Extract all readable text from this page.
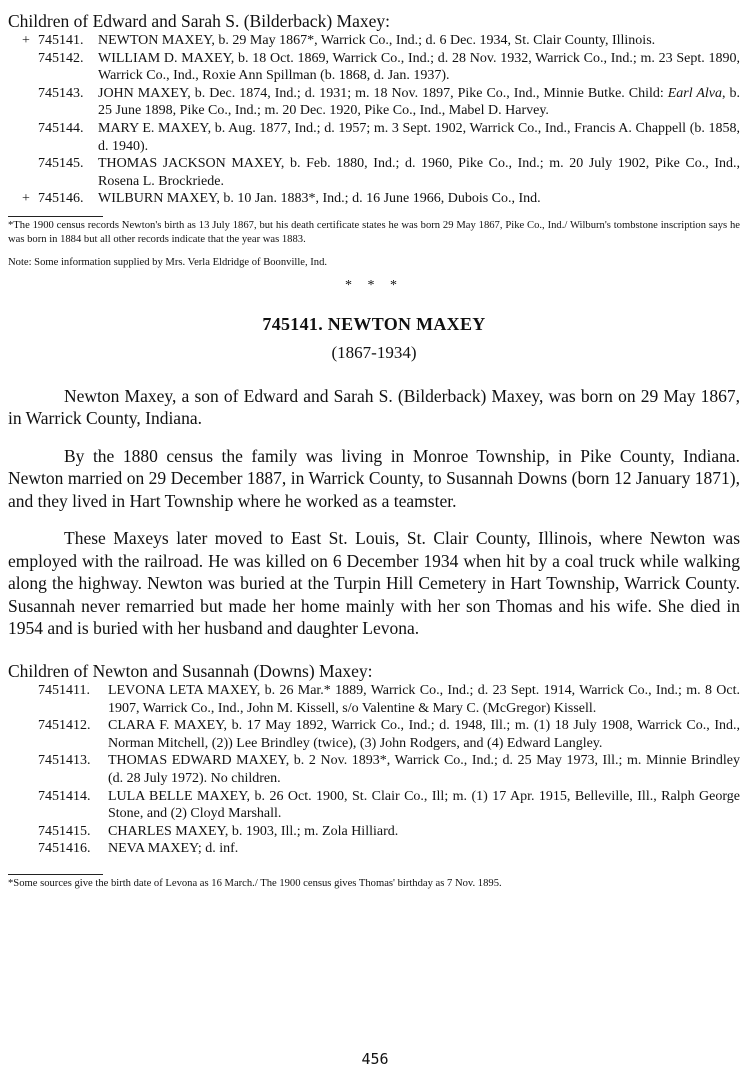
Children of Edward and Sarah S. (Bilderback) Maxey:

+ 745141. NEWTON MAXEY, b. 29 May 1867*, Warrick Co., Ind.; d. 6 Dec. 1934, St. Clair County, Illinois.
745142. WILLIAM D. MAXEY, b. 18 Oct. 1869, Warrick Co., Ind.; d. 28 Nov. 1932, Warrick Co., Ind.; m. 23 Sept. 1890, Warrick Co., Ind., Roxie Ann Spillman (b. 1868, d. Jan. 1937).
745143. JOHN MAXEY, b. Dec. 1874, Ind.; d. 1931; m. 18 Nov. 1897, Pike Co., Ind., Minnie Butke. Child: Earl Alva, b. 25 June 1898, Pike Co., Ind.; m. 20 Dec. 1920, Pike Co., Ind., Mabel D. Harvey.
745144. MARY E. MAXEY, b. Aug. 1877, Ind.; d. 1957; m. 3 Sept. 1902, Warrick Co., Ind., Francis A. Chappell (b. 1858, d. 1940).
745145. THOMAS JACKSON MAXEY, b. Feb. 1880, Ind.; d. 1960, Pike Co., Ind.; m. 20 July 1902, Pike Co., Ind., Rosena L. Brockriede.
+ 745146. WILBURN MAXEY, b. 10 Jan. 1883*, Ind.; d. 16 June 1966, Dubois Co., Ind.

*The 1900 census records Newton's birth as 13 July 1867, but his death certificate states he was born 29 May 1867, Pike Co., Ind./ Wilburn's tombstone inscription says he was born in 1884 but all other records indicate that the year was 1883.

Note: Some information supplied by Mrs. Verla Eldridge of Boonville, Ind.

* * *

745141. NEWTON MAXEY

(1867-1934)

Newton Maxey, a son of Edward and Sarah S. (Bilderback) Maxey, was born on 29 May 1867, in Warrick County, Indiana.

By the 1880 census the family was living in Monroe Township, in Pike County, Indiana. Newton married on 29 December 1887, in Warrick County, to Susannah Downs (born 12 January 1871), and they lived in Hart Township where he worked as a teamster.

These Maxeys later moved to East St. Louis, St. Clair County, Illinois, where Newton was employed with the railroad. He was killed on 6 December 1934 when hit by a coal truck while walking along the highway. Newton was buried at the Turpin Hill Cemetery in Hart Township, Warrick County. Susannah never remarried but made her home mainly with her son Thomas and his wife. She died in 1954 and is buried with her husband and daughter Levona.

Children of Newton and Susannah (Downs) Maxey:

7451411. LEVONA LETA MAXEY, b. 26 Mar.* 1889, Warrick Co., Ind.; d. 23 Sept. 1914, Warrick Co., Ind.; m. 8 Oct. 1907, Warrick Co., Ind., John M. Kissell, s/o Valentine & Mary C. (McGregor) Kissell.
7451412. CLARA F. MAXEY, b. 17 May 1892, Warrick Co., Ind.; d. 1948, Ill.; m. (1) 18 July 1908, Warrick Co., Ind., Norman Mitchell, (2)) Lee Brindley (twice), (3) John Rodgers, and (4) Edward Langley.
7451413. THOMAS EDWARD MAXEY, b. 2 Nov. 1893*, Warrick Co., Ind.; d. 25 May 1973, Ill.; m. Minnie Brindley (d. 28 July 1972). No children.
7451414. LULA BELLE MAXEY, b. 26 Oct. 1900, St. Clair Co., Ill; m. (1) 17 Apr. 1915, Belleville, Ill., Ralph George Stone, and (2) Cloyd Marshall.
7451415. CHARLES MAXEY, b. 1903, Ill.; m. Zola Hilliard.
7451416. NEVA MAXEY; d. inf.

*Some sources give the birth date of Levona as 16 March./ The 1900 census gives Thomas' birthday as 7 Nov. 1895.

456
